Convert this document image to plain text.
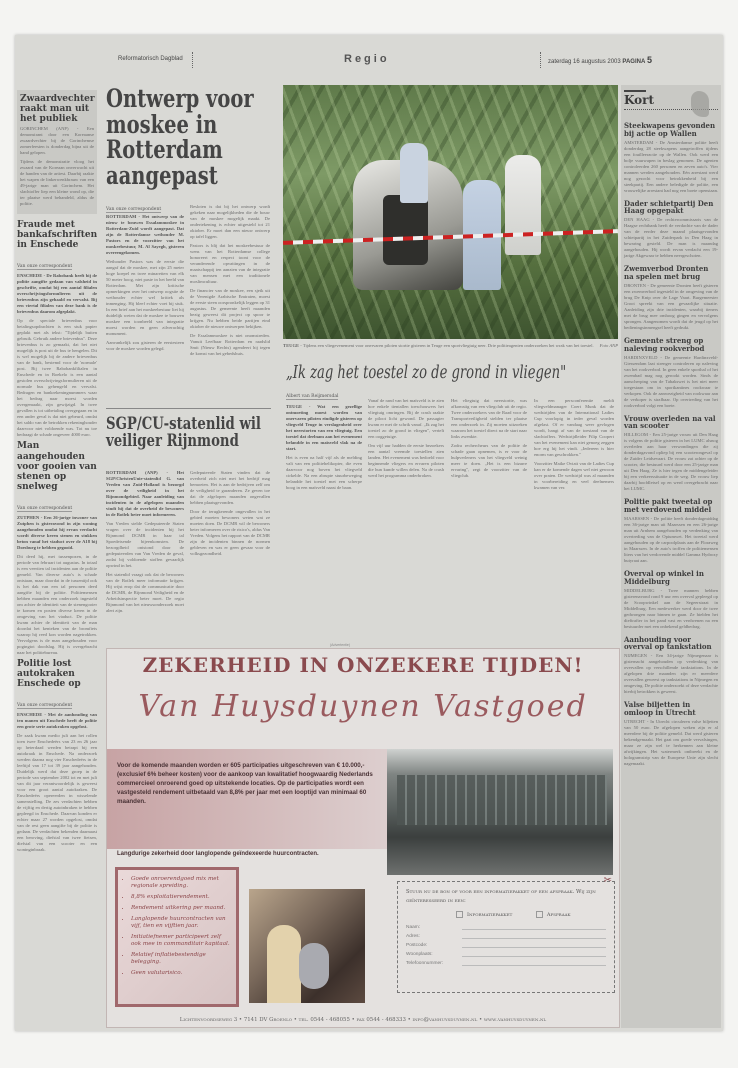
Reformatorisch Dagblad	Regio	zaterdag 16 augustus 2003 PAGINA 5
Zwaardvechter raakt man uit het publiek

GORINCHEM (ANP) - Een demonstrant door een Koreaanse zwaardvechter bij de Gorinchemse zomerfeesten is donderdag bijna uit de hand gelopen.

Tijdens de demonstratie vloog het zwaard van de Koreaan onverwacht uit de handen van de artiest. Daarbij raakte het wapen de linkerwenkbrauw van een 49-jarige man uit Gorinchem. Het slachtoffer liep een kleine wond op, die ter plaatse werd behandeld, aldus de politie.

Fraude met bankafschriften in Enschede
Van onze correspondent

ENSCHEDE - De Rabobank heeft bij de politie aangifte gedaan van valsheid in geschrifte, omdat bij een aantal filialen overschrijvingsformulieren uit de brievenbus zijn gehaald en vervalst. Bij een viertal filialen van deze bank is de brievenbus daarom afgeplakt.

Op de speciale brievenbus voor betalingsopdrachten is een stuk papier geplakt met als tekst: "Tijdelijk buiten gebruik. Gebruik andere brievenbus". Deze brievenbus is zo gemaakt, dat het niet mogelijk is post uit de bus te hengelen. Dit is wel mogelijk bij de andere brievenbus van de bank, bestemd voor de 'normale' post. Bij twee Rabobankfilialen in Enschede en in Boekelo is een aantal gestolen overschrijvingsformulieren uit de normale bus gehengeld en vervalst. Bedragen en bankrekeningnummers waar het bedrag naar moest worden overgemaakt, zijn gewijzigd. In twee gevallen is tot uitbetaling overgegaan en in een ander geval is dat niet gebeurd, omdat het saldo van de betrokken rekeninghouder daarvoor niet voldoende was. Tot nu toe bedraagt de schade ongeveer 4000 euro.

Man aangehouden voor gooien van stenen op snelweg
Van onze correspondent

ZUTPHEN - Een 26-jarige inwoner van Zutphen is gisteravond in zijn woning aangehouden omdat hij ervan verdacht wordt diverse keren stenen en stukken beton vanaf het viaduct over de A18 bij Doesburg te hebben gegooid.

Dit deed hij, met tussenpozen, in de periode van februari tot augustus. In totaal is een veertien tal incidenten aan de politie gemeld. Van diverse auto's is schade ontstaan, maar doordat in de tussentijd ook is het dak van een tal personen deed aangifte bij de politie. Politiemensen hebben maanden een onderzoek ingesteld om achter de identiteit van de stenengooier te komen en posten diverse keren in de omgeving van het viaduct. De politie kwam achter de identiteit van de man doordat het kenteken van de bromfiets waarop hij reed kon worden nagetrokken. Vervolgens is de man aangehouden voor pogingtot doodslag. Hij is overgebracht naar het politiebureau.

Politie lost autokraken Enschede op
Van onze correspondent

ENSCHEDE - Met de aanhouding van ten manen uit Enschede heeft de politie een grote serie autokraken opgelost.

De zaak kwam medio juli aan het rollen toen twee Enschedeërs van 23 en 26 jaar op heterdaad werden betrapt bij een autokraak in Enschede. Na onderzoek werden daarna nog vier Enschedeërs in de leeftijd van 17 tot 39 jaar aangehouden. Duidelijk werd dat deze groep in de periode van september 2002 tot en met juli van dit jaar verantwoordelijk is geweest voor een groot aantal autokraken. De Enschedeërs opereerden in wisselende samenstelling. De zes verdachten hebben de vijftig en dertig autoinbraken te hebben gepleegd in Enschede. Daarvan konden er echter maar 27 worden opgelost, omdat van de rest geen aangifte bij de politie is gedaan. De verdachten bekenden daarnaast een beroving, diefstal van twee fietsen, diefstal van een scooter en een woninginbraak.

Ontwerp voor moskee in Rotterdam aangepast
Van onze correspondent

ROTTERDAM - Het ontwerp van de nieuw te bouwen Essalammoskee in Rotterdam-Zuid wordt aangepast. Dat zijn de Rotterdamse wethouder M. Pastors en de voorzitter van het moskeebestuur, M. Al Sayegh, gisteren overeengekomen.

Wethouder Pastors was de eerste die aangaf dat de moskee, met zijn 25 meter hoge koepel en twee minaretten van elk 50 meter hoog, niet paste in het beeld van Rotterdam. Met zijn kritische opmerkingen over het ontwerp oogstte de wethouder echter wel kritiek als inmenging. Hij bleef echter voet bij stuk. In een brief aan het moskeebestuur liet hij duidelijk weten dat de moskee te bouwen moskee een toonbeeld van integratie moest worden en geen zilverachtig monument.

Aanvankelijk zou gisteren de eerstesteen voor de moskee worden gelegd.

Besloten is dat bij het ontwerp wordt gekeken naar mogelijkheden die de bouw van de moskee mogelijk maakt. De ondertekening is echter uitgesteld tot 21 oktober. Er moet dan een nieuw ontwerp op tafel liggen.

Pastors is blij dat het moskeebestuur de wens van het Rotterdamse college honoreert en respect toont voor de veranderende opvattingen in de maatschappij ten aanzien van de integratie van mensen met een traditionele moslimcultuur.

De financier van de moskee, een sjeik uit de Verenigde Arabische Emiraten, moest de eerste steen oorspronkelijk leggen op 31 augustus. De gemeente heeft maanden bezig geweest dit project op spoor te krijgen. Nu hebben beide partijen eind oktober de nieuwe ontwerpen bekijken.

De Essalammoskee is niet onomstreden. Vanuit Leefbaar Rotterdam en raadslid Smit (Nieuw Rechts) agendeert hij tegen de komst van het gebedshuis.

SGP/CU-statenlid wil veiliger Rijnmond

ROTTERDAM (ANP) - Het SGP/ChristenUnie-statenlid G. van Vreden van Zuid-Holland is bezorgd over de veiligheid in het Rijnmondgebied. Naar aanleiding van incidenten in de afgelopen maanden vindt hij dat de overheid de bewoners in de Botlek beter moet informeren.

Van Vreden stelde Gedeputeerde Staten vragen over de incidenten bij het Rijnmond DCMR in haar tal Spoedeisende bijeenkomsten. De bezorgdheid ontstond door de gedeputeerden van Van Vreden de geval, zodat bij voldoende stoffen gevaarlijk opwind in het.

Het statenlid vraagt ook dat de bewoners van de Botlek meer informatie krijgen. Hij wijst erop dat de communicatie door de DCMR, de Rijnmond Veiligheid en de Arbeidsinspectie beter moet. De regio Rijnmond van het nieuwsonderzoek moet alert zijn.

Gedeputeerde Staten vinden dat de overheid zich niet met het bedrijf mag bemoeien. Het is aan de bedrijven zelf om de veiligheid te garanderen. Ze geven toe dat de afgelopen maanden ongevallen hebben plaatsgevonden.

Door de terugkerende ongevallen in het gebied moeten bewoners weten wat ze moeten doen. De DCMR wil de bewoners beter informeren over de risico's, aldus Van Vreden. Volgens het rapport van de DCMR zijn de incidenten binnen de normen gebleven en was er geen gevaar voor de volksgezondheid.

TEUGE - Tijdens een vliegevenement voor onervaren piloten stortte gisteren in Teuge een sportvliegtuig neer. Drie politieagenten onderzoeken het wrak van het toestel. Foto ANP
„Ik zag het toestel zo de grond in vliegen"
Albert van Reijmersdal

TEUGE - Wat een gezellige ontmoeting moest worden van onervaren piloten eindigde gisteren op vliegveld Teuge in verslagenheid over het neerstorten van een vliegtuig. Een toestel dat deelnam aan het evenement belandde in een maïsveld vlak na de start.

Het is even na half vijf als de melding valt van een politiehelikopter, die even daarvoor nog boven het vliegveld cirkelde. Na een abrupte stuurbeweging belandde het toestel met een scherpe boog in een maïsveld naast de baan.

Vanaf de rand van het maïsveld is te zien hoe enkele tientallen toeschouwers het vliegtuig omringen. Bij de crash raakte de piloot licht gewond. De passagier kwam er met de schrik vanaf. „Ik zag het toestel zo de grond in vliegen", vertelt een ooggetuige.

Om vijf uur hadden de eerste bezoekers een aantal vreemde toestellen zien landen. Het evenement was bedoeld voor beginnende vliegers en ervaren piloten die hun kunde willen delen. Na de crash werd het programma onderbroken.

Het vliegtuig dat neerstortte, was afkomstig van een vliegclub uit de regio. Twee onderzoekers van de Raad voor de Transportveiligheid stelden ter plaatse een onderzoek in. Zij moeten uitzoeken waarom het toestel direct na de start naar links zwenkte.

Zodra rechercheurs van de politie de schade gaan opnemen, is er voor de hulpverleners van het vliegveld weinig meer te doen. „Het is een bizarre ervaring", zegt de voorzitter van de vliegclub.

In een persconferentie meldt vliegveldmanager Coert Munk dat de wedstrijden van de International Ladies Cup voorlopig in ieder geval worden afgelast. Of er vandaag weer gevlogen wordt, hangt af van de toestand van de slachtoffers. Wedstrijdleider Filip Coopert van het evenement kan niet genoeg zeggen hoe erg hij het vindt. „Iedereen is hier enorm van geschrokken."

Voorzitter Maike Oviatt van de Ladies Cup kan er de komende dagen wel niet gewoon over praten. De wedstrijd was al maanden in voorbereiding en veel deelnemers kwamen van ver.

(Advertentie)
ZEKERHEID IN ONZEKERE TIJDEN!
Van Huysduynen Vastgoed
Voor de komende maanden worden er 605 participaties uitgeschreven van € 10.000,- (exclusief 6% beheer kosten) voor de aankoop van kwalitatief hoogwaardig Nederlands commercieel onroerend goed op uitstekende locaties. Op de participaties wordt een vastgesteld rendement uitbetaald van 8,8% per jaar met een looptijd van minimaal 60 maanden.
Langdurige zekerheid door langlopende geïndexeerde huurcontracten.
• Goede onroerendgoed mix met regionale spreiding.
• 8,8% exploitatierendement.
• Rendement uitkering per maand.
• Langlopende huurcontracten van vijf, tien en vijftien jaar.
• Initiatiefnemer participeert zelf ook mee in commanditair kapitaal.
• Relatief inflatiebestendige belegging.
• Geen valutarisico.
✂
Stuur nu de bon of voor een informatiepakket of een afspraak. Wij zijn geïnteresseerd in een:
Informatiepakket	Afspraak
Naam:
Adres:
Postcode:
Woonplaats:
Telefoonnummer:
Lichtenvoordseweg 3 • 7141 DV Groenlo • tel. 0544 - 468055 • fax 0544 - 468333 • info@vanhuysduynen.nl • www.vanhuysduynen.nl
Kort
Steekwapens gevonden bij actie op Wallen

AMSTERDAM - De Amsterdamse politie heeft donderdag 28 steekwapens aangetroffen tijdens een fouilleeractie op de Wallen. Ook werd een bolje vuurwapen in beslag genomen. De agenten controleerden 260 personen en zeven auto's. Vier mannen werden aangehouden. Eén arrestant werd nog gezocht voor betrokkenheid bij een steekpartij. Een andere beledigde de politie, een vrouwelijke arrestant had nog een boete openstaan.

Dader schietpartij Den Haag opgepakt

DEN HAAG - De rechtercommissaris van de Haagse rechtbank heeft de verdachte van de dader van de eerder deze maand plaatsgevonden schietpartij in het Zuiderpark in Den Haag in bewaring gesteld. De man is maandag aangehouden. Hij wordt ervan verdacht een 19-jarige Akgewaar te hebben neergeschoten.

Zwemverbod Dronten na spelen met brug

DRONTEN - De gemeente Dronten heeft gisteren een zwemverbod ingesteld in de omgeving van de brug De Knip over de Lage Vaart. Burgemeester Groot spreekt van een gevaarlijke situatie. Aanleiding zijn drie incidenten, waarbij tieners met de brug mee omhoog gingen en vervolgens sprongen. Aangenomen wordt dat de jeugd op het bedieningsinmengsel heeft gedrukt.

Gemeente streng op naleving rookverbod

HARDINXVELD - De gemeente Hardinxveld-Giessendam laat strenger controleren op naleving van het rookverbod. In geen enkele sporthal of het zwembad mag nog gerookt worden. Sinds de aanscherping van de Tabakswet is het niet meer toegestaan om in sportkantines rookwaar te verkopen. Ook de aanwezigheid van rookwaar aan de verkoper is strafbaar. Op overtreding van het rookverbod volgt een boete.

Vrouw overleden na val van scooter

HILLEGOM - Een 25-jarige vrouw uit Den Haag is volgens de politie gisteren in het LUMC alsnog overleden aan haar verwondingen die zij donderdagavond opliep bij een scooterongeval op de Zuider Leidsevaart. De vrouw zat achter op de scooter, die bestuurd werd door een 25-jarige man uit Den Haag. Ze is hier tegen de middengeleider bij een verkeerssituatie in de weg. De vrouw liep daarbij hoofdletsel op en werd overgebracht naar het LUMC.

Politie pakt tweetal op met verdovend middel

MAARSSEN - De politie heeft donderdagmiddag een 36-jarige man uit Maarssen en een 26-jarige man uit Arnhem aangehouden op verdenking van overtreding van de Opiumwet. Het tweetal werd aangehouden op de carpoolplaats aan de Floraweg in Maarssen. In de auto's troffen de politiemensen liters van het verdovende middel Gamma Hydroxy butyraat aan.

Overval op winkel in Middelburg

MIDDELBURG - Twee mannen hebben gisterenavond rond 9 uur een overval gepleegd op de Scoopwinkel aan de Segeerstraat in Middelburg. Een medewerker werd door de twee gedwongen naar binnen te gaan. Ze hielden het dieftrafter in het pand vast en verdwenen na een bestuurder met een onbekend geldbedrag.

Aanhouding voor overval op tankstation

NIJMEGEN - Een 34-jarige Nijmegenaar is gisternacht aangehouden op verdenking van overvallen op verschillende tankstations. In de afgelopen drie maanden zijn er meerdere overvallen geweest op tankstations in Nijmegen en omgeving. De politie onderzoekt of deze verdachte hierbij betrokken is geweest.

Valse biljetten in omloop in Utrecht

UTRECHT - In Utrecht circuleren valse biljetten van 50 euro. De afgelopen weken zijn er al meerdere bij de politie gemeld. Dat werd gisteren bekendgemaakt. Het gaat om goede vervalsingen, maar ze zijn wel te herkennen aan kleine afwijkingen. Het watermerk ontbreekt en de hologramstrip van de Europese Unie zijn slecht nagemaakt.
